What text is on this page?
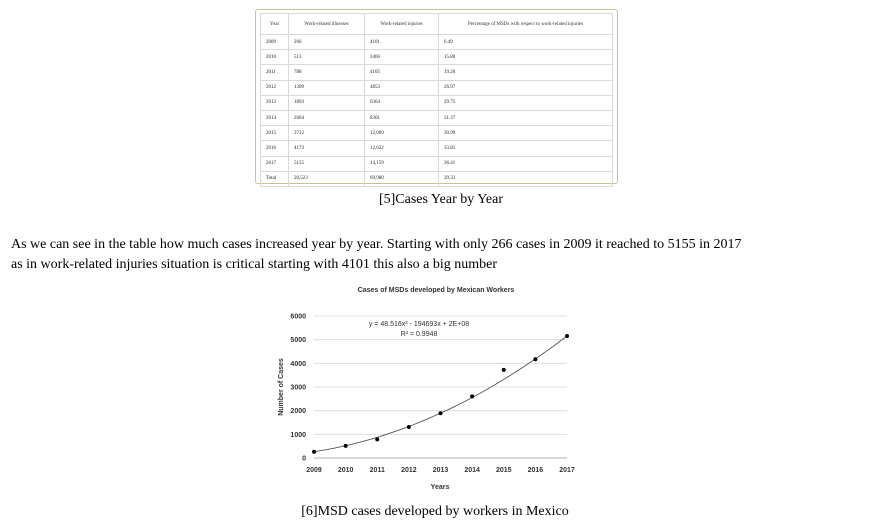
Year	Work-related illnesses	Work-related injuries	Percentage of MSDs with respect to work-related injuries
2009	266	4101	6.49
2010	513	3466	15.80
2011	788	4105	19.20
2012	1309	4853	26.97
2013	1893	6364	29.75
2014	2604	8301	31.37
2015	3722	12,009	30.99
2016	4173	12,622	33.85
2017	5155	14,159	36.41
Total	20,523	69,980	29.33
[5]Cases Year by Year
As we can see in the table how much cases increased year by year. Starting with only 266 cases in 2009 it reached to 5155 in 2017
as in work-related injuries situation is critical starting with 4101 this also a big number
Cases of MSDs developed by Mexican Workers
0
1000
2000
3000
4000
5000
6000
2009 2010 2011 2012 2013 2014 2015 2016 2017
Years
Number of Cases
y = 48.516x² - 194693x + 2E+08
R² = 0.9948
[6]MSD cases developed by workers in Mexico
